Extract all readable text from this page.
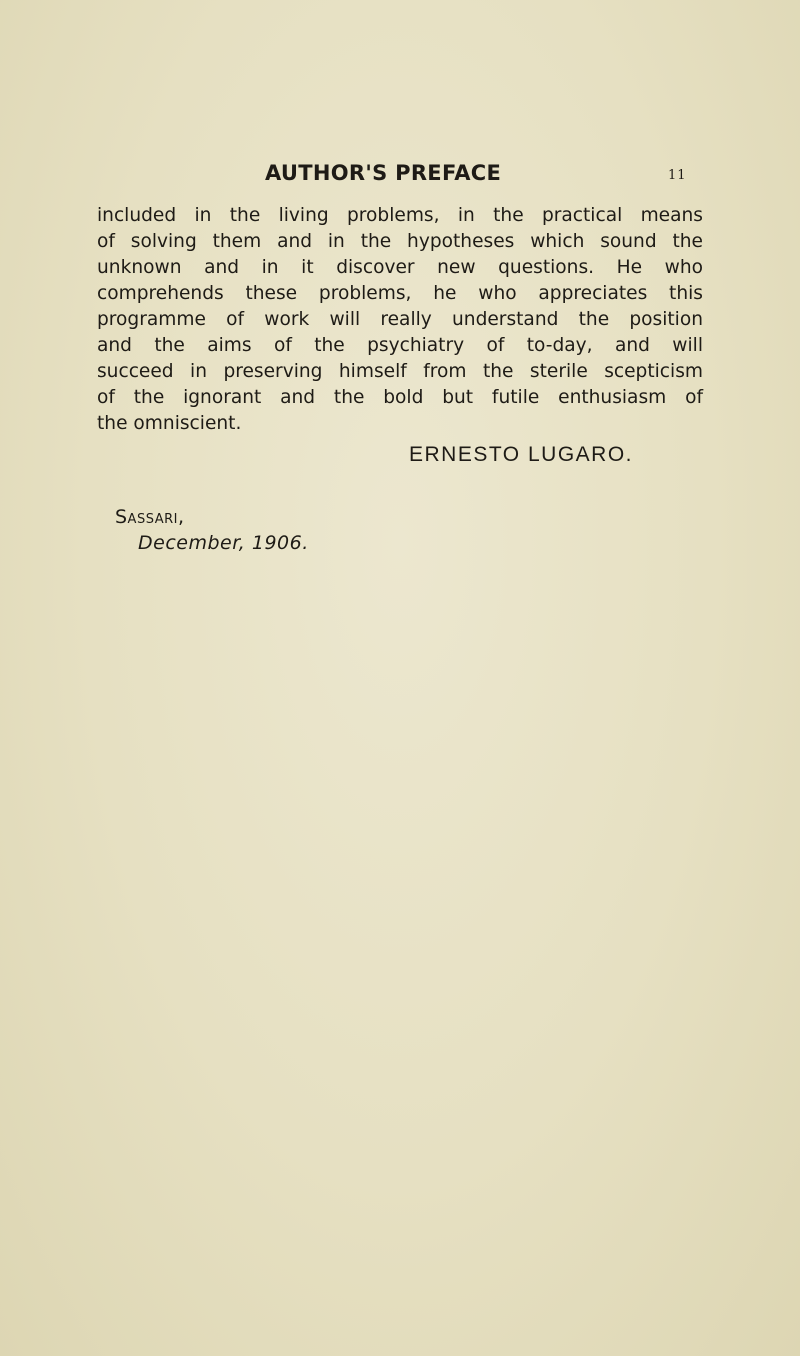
AUTHOR'S PREFACE	11
included in the living problems, in the practical means
of solving them and in the hypotheses which sound the
unknown and in it discover new questions. He who
comprehends these problems, he who appreciates this
programme of work will really understand the position
and the aims of the psychiatry of to-day, and will
succeed in preserving himself from the sterile scepticism
of the ignorant and the bold but futile enthusiasm of
the omniscient.
ERNESTO LUGARO.
Sassari,
December, 1906.
